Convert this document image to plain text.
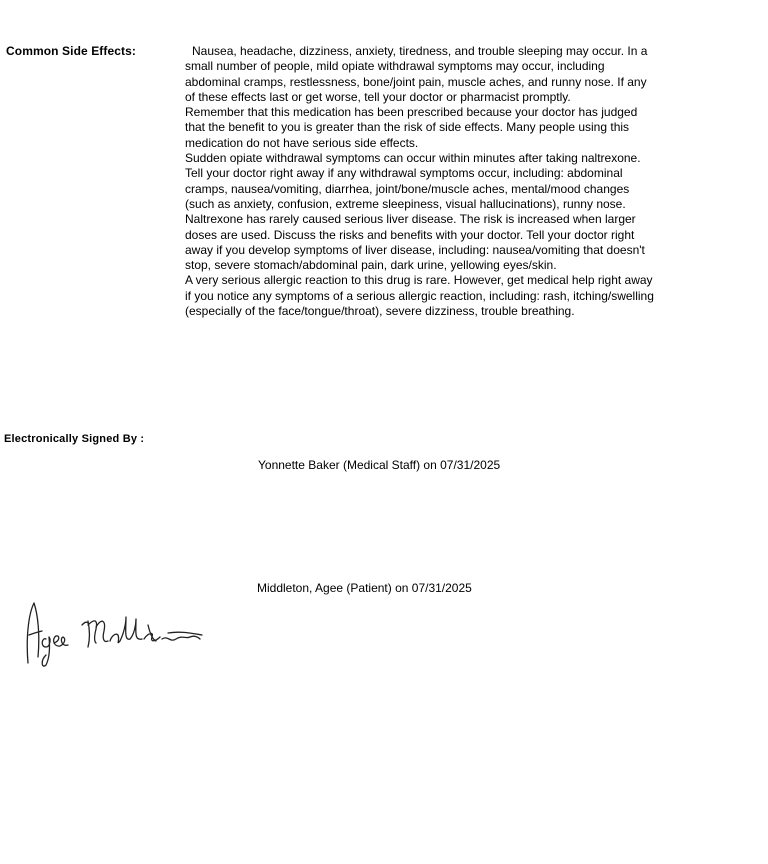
Common Side Effects:	Nausea, headache, dizziness, anxiety, tiredness, and trouble sleeping may occur. In a small number of people, mild opiate withdrawal symptoms may occur, including abdominal cramps, restlessness, bone/joint pain, muscle aches, and runny nose. If any of these effects last or get worse, tell your doctor or pharmacist promptly.

Remember that this medication has been prescribed because your doctor has judged that the benefit to you is greater than the risk of side effects. Many people using this medication do not have serious side effects.

Sudden opiate withdrawal symptoms can occur within minutes after taking naltrexone. Tell your doctor right away if any withdrawal symptoms occur, including: abdominal cramps, nausea/vomiting, diarrhea, joint/bone/muscle aches, mental/mood changes (such as anxiety, confusion, extreme sleepiness, visual hallucinations), runny nose.

Naltrexone has rarely caused serious liver disease. The risk is increased when larger doses are used. Discuss the risks and benefits with your doctor. Tell your doctor right away if you develop symptoms of liver disease, including: nausea/vomiting that doesn't stop, severe stomach/abdominal pain, dark urine, yellowing eyes/skin.

A very serious allergic reaction to this drug is rare. However, get medical help right away if you notice any symptoms of a serious allergic reaction, including: rash, itching/swelling (especially of the face/tongue/throat), severe dizziness, trouble breathing.

Electronically Signed By :
Yonnette Baker (Medical Staff) on 07/31/2025
Middleton, Agee (Patient) on 07/31/2025
